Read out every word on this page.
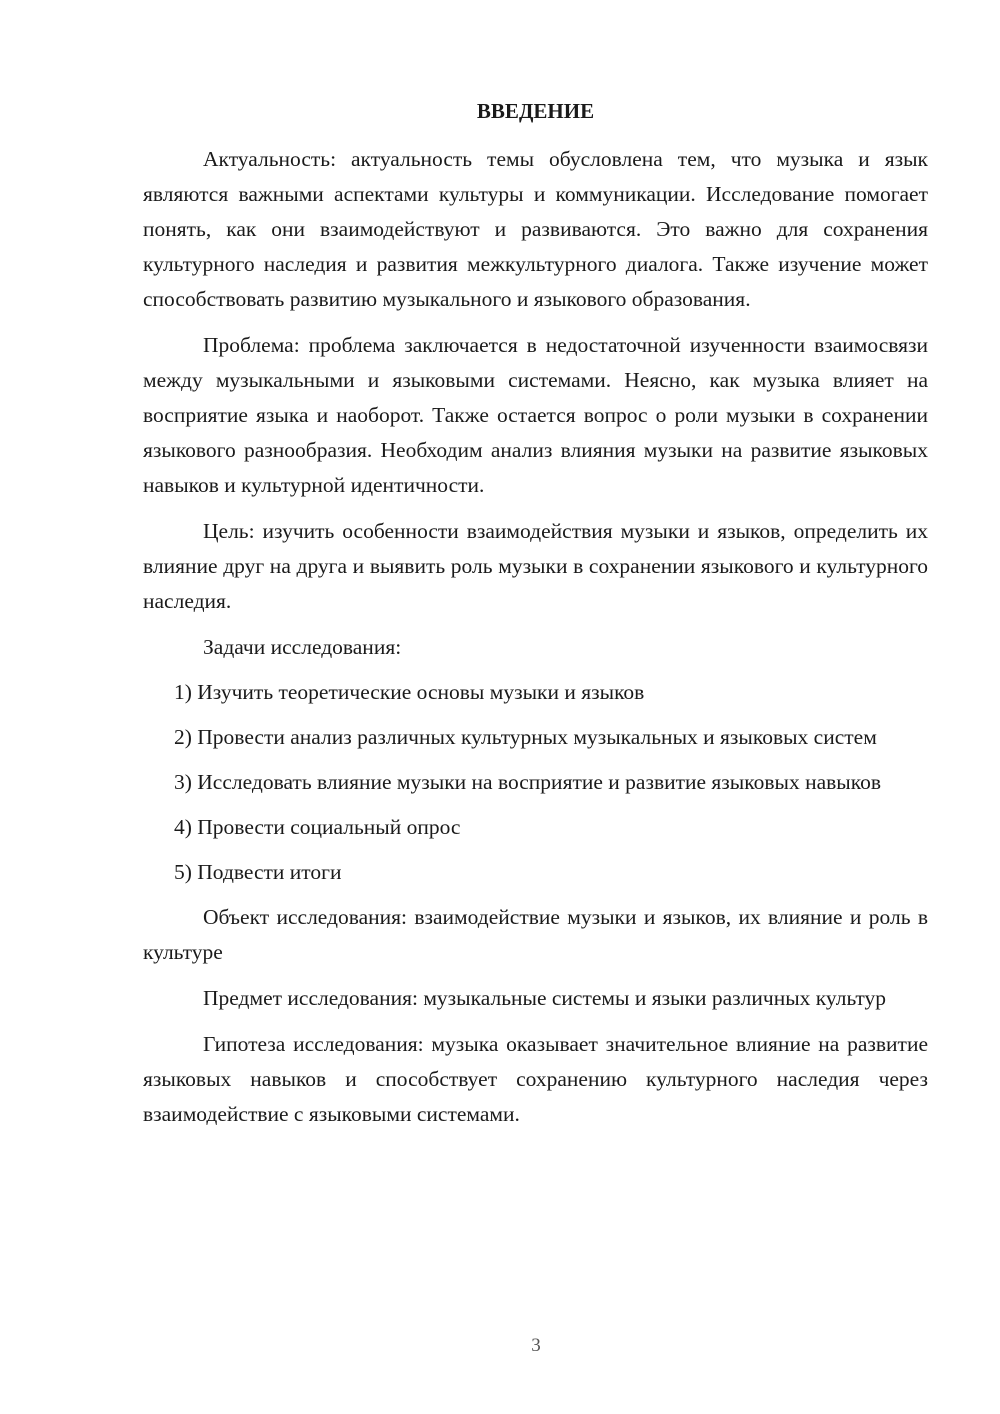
ВВЕДЕНИЕ

Актуальность: актуальность темы обусловлена тем, что музыка и язык являются важными аспектами культуры и коммуникации. Исследование помогает понять, как они взаимодействуют и развиваются. Это важно для сохранения культурного наследия и развития межкультурного диалога. Также изучение может способствовать развитию музыкального и языкового образования.

Проблема: проблема заключается в недостаточной изученности взаимосвязи между музыкальными и языковыми системами. Неясно, как музыка влияет на восприятие языка и наоборот. Также остается вопрос о роли музыки в сохранении языкового разнообразия. Необходим анализ влияния музыки на развитие языковых навыков и культурной идентичности.

Цель: изучить особенности взаимодействия музыки и языков, определить их влияние друг на друга и выявить роль музыки в сохранении языкового и культурного наследия.

Задачи исследования:

1) Изучить теоретические основы музыки и языков

2) Провести анализ различных культурных музыкальных и языковых систем

3) Исследовать влияние музыки на восприятие и развитие языковых навыков

4) Провести социальный опрос

5) Подвести итоги

Объект исследования: взаимодействие музыки и языков, их влияние и роль в культуре

Предмет исследования: музыкальные системы и языки различных культур

Гипотеза исследования: музыка оказывает значительное влияние на развитие языковых навыков и способствует сохранению культурного наследия через взаимодействие с языковыми системами.

3
